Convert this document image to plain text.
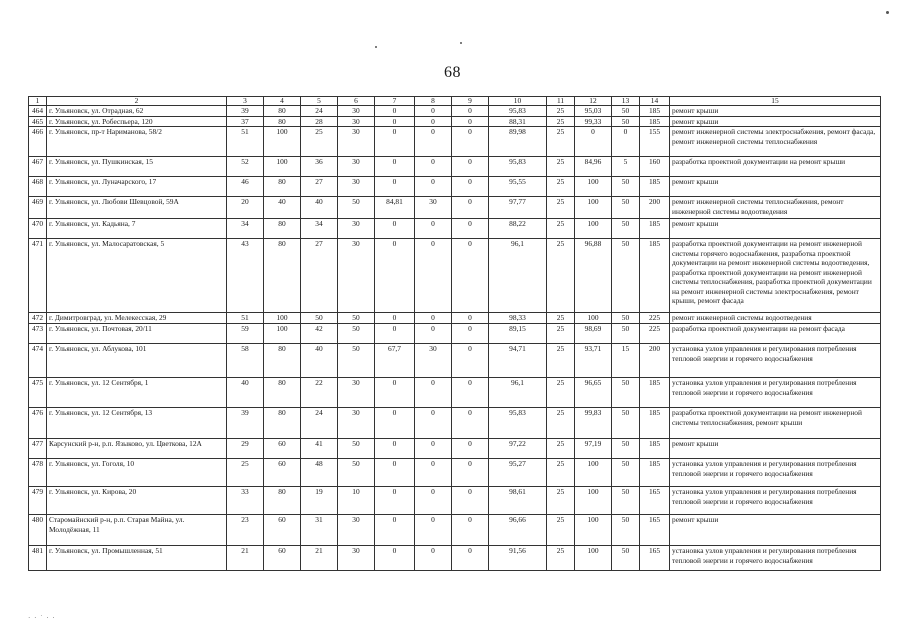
68
1	2	3	4	5	6	7	8	9	10	11	12	13	14	15
464	г. Ульяновск, ул. Отрадная, 62	39	80	24	30	0	0	0	95,83	25	95,03	50	185	ремонт крыши
465	г. Ульяновск, ул. Робеспьера, 120	37	80	28	30	0	0	0	88,31	25	99,33	50	185	ремонт крыши
466	г. Ульяновск, пр-т Нариманова, 58/2	51	100	25	30	0	0	0	89,98	25	0	0	155	ремонт инженерной системы электроснабжения, ремонт фасада, ремонт инженерной системы теплоснабжения
467	г. Ульяновск, ул. Пушкинская, 15	52	100	36	30	0	0	0	95,83	25	84,96	5	160	разработка проектной документации на ремонт крыши
468	г. Ульяновск, ул. Луначарского, 17	46	80	27	30	0	0	0	95,55	25	100	50	185	ремонт крыши
469	г. Ульяновск, ул. Любови Шевцовой, 59А	20	40	40	50	84,81	30	0	97,77	25	100	50	200	ремонт инженерной системы теплоснабжения, ремонт инженерной системы водоотведения
470	г. Ульяновск, ул. Кадьяна, 7	34	80	34	30	0	0	0	88,22	25	100	50	185	ремонт крыши
471	г. Ульяновск, ул. Малосаратовская, 5	43	80	27	30	0	0	0	96,1	25	96,88	50	185	разработка проектной документации на ремонт инженерной системы горячего водоснабжения, разработка проектной документации на ремонт инженерной системы водоотведения, разработка проектной документации на ремонт инженерной системы теплоснабжения, разработка проектной документации на ремонт инженерной системы электроснабжения, ремонт крыши, ремонт фасада
472	г. Димитровград, ул. Мелекесская, 29	51	100	50	50	0	0	0	98,33	25	100	50	225	ремонт инженерной системы водоотведения
473	г. Ульяновск, ул. Почтовая, 20/11	59	100	42	50	0	0	0	89,15	25	98,69	50	225	разработка проектной документации на ремонт фасада
474	г. Ульяновск, ул. Аблукова, 101	58	80	40	50	67,7	30	0	94,71	25	93,71	15	200	установка узлов управления и регулирования потребления тепловой энергии и горячего водоснабжения
475	г. Ульяновск, ул. 12 Сентября, 1	40	80	22	30	0	0	0	96,1	25	96,65	50	185	установка узлов управления и регулирования потребления тепловой энергии и горячего водоснабжения
476	г. Ульяновск, ул. 12 Сентября, 13	39	80	24	30	0	0	0	95,83	25	99,83	50	185	разработка проектной документации на ремонт инженерной системы теплоснабжения, ремонт крыши
477	Карсунский р-н, р.п. Языково, ул. Цветкова, 12А	29	60	41	50	0	0	0	97,22	25	97,19	50	185	ремонт крыши
478	г. Ульяновск, ул. Гоголя, 10	25	60	48	50	0	0	0	95,27	25	100	50	185	установка узлов управления и регулирования потребления тепловой энергии и горячего водоснабжения
479	г. Ульяновск, ул. Кирова, 20	33	80	19	10	0	0	0	98,61	25	100	50	165	установка узлов управления и регулирования потребления тепловой энергии и горячего водоснабжения
480	Старомайнский р-н, р.п. Старая Майна, ул. Молодёжная, 11	23	60	31	30	0	0	0	96,66	25	100	50	165	ремонт крыши
481	г. Ульяновск, ул. Промышленная, 51	21	60	21	30	0	0	0	91,56	25	100	50	165	установка узлов управления и регулирования потребления тепловой энергии и горячего водоснабжения
· · ˙ · ·
